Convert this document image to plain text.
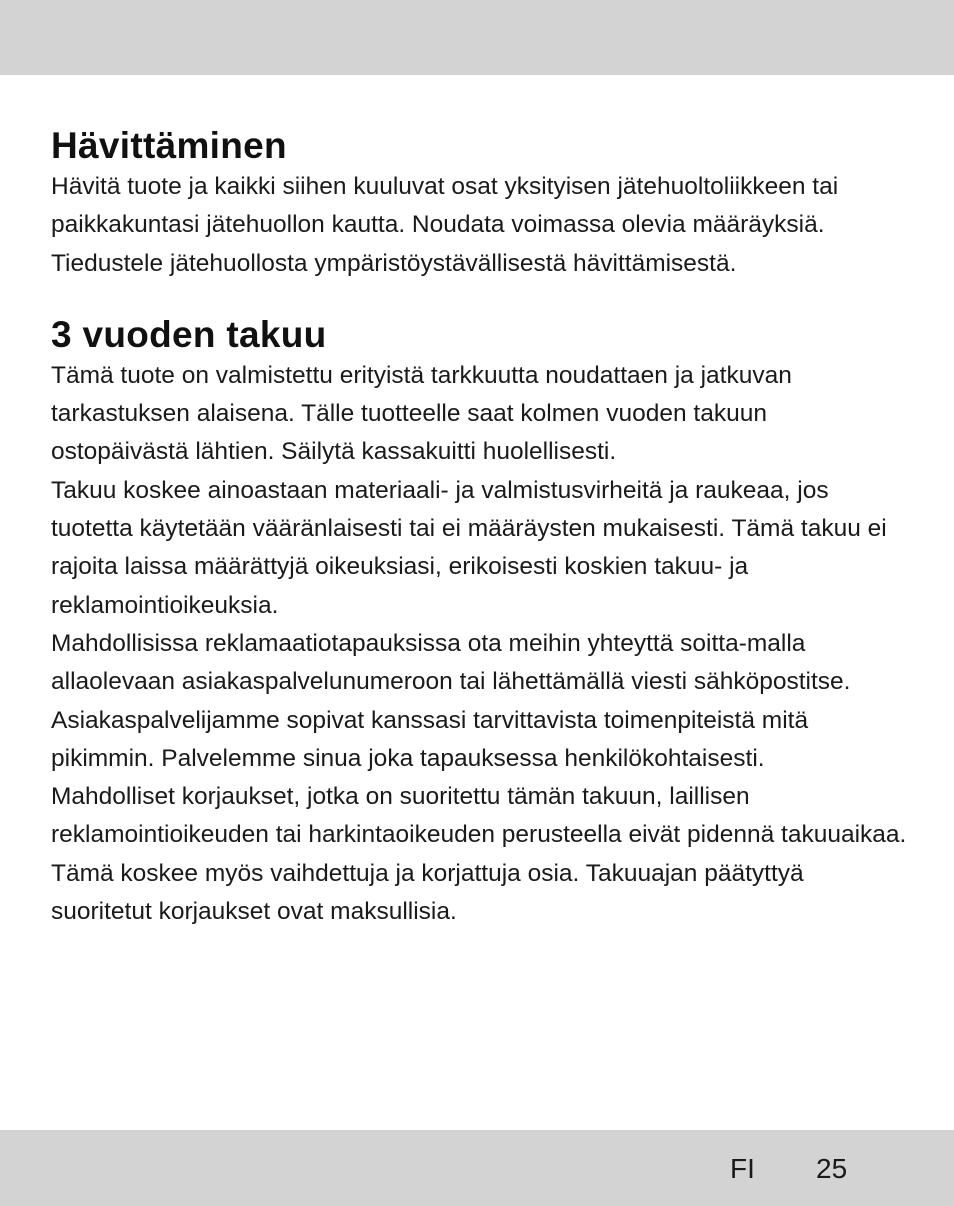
Hävittäminen

Hävitä tuote ja kaikki siihen kuuluvat osat yksityisen jätehuoltoliikkeen tai paikkakuntasi jätehuollon kautta. Noudata voimassa olevia määräyksiä. Tiedustele jätehuollosta ympäristöystävällisestä hävittämisestä.

3 vuoden takuu

Tämä tuote on valmistettu erityistä tarkkuutta noudattaen ja jatkuvan tarkastuksen alaisena. Tälle tuotteelle saat kolmen vuoden takuun ostopäivästä lähtien. Säilytä kassakuitti huolellisesti.

Takuu koskee ainoastaan materiaali- ja valmistusvirheitä ja raukeaa, jos tuotetta käytetään vääränlaisesti tai ei määräysten mukaisesti. Tämä takuu ei rajoita laissa määrättyjä oikeuksiasi, erikoisesti koskien takuu- ja reklamointioikeuksia.

Mahdollisissa reklamaatiotapauksissa ota meihin yhteyttä soitta-malla allaolevaan asiakaspalvelunumeroon tai lähettämällä viesti sähköpostitse. Asiakaspalvelijamme sopivat kanssasi tarvittavista toimenpiteistä mitä pikimmin. Palvelemme sinua joka tapauksessa henkilökohtaisesti.

Mahdolliset korjaukset, jotka on suoritettu tämän takuun, laillisen reklamointioikeuden tai harkintaoikeuden perusteella eivät pidennä takuuaikaa. Tämä koskee myös vaihdettuja ja korjattuja osia. Takuuajan päätyttyä suoritetut korjaukset ovat maksullisia.

FI 25
